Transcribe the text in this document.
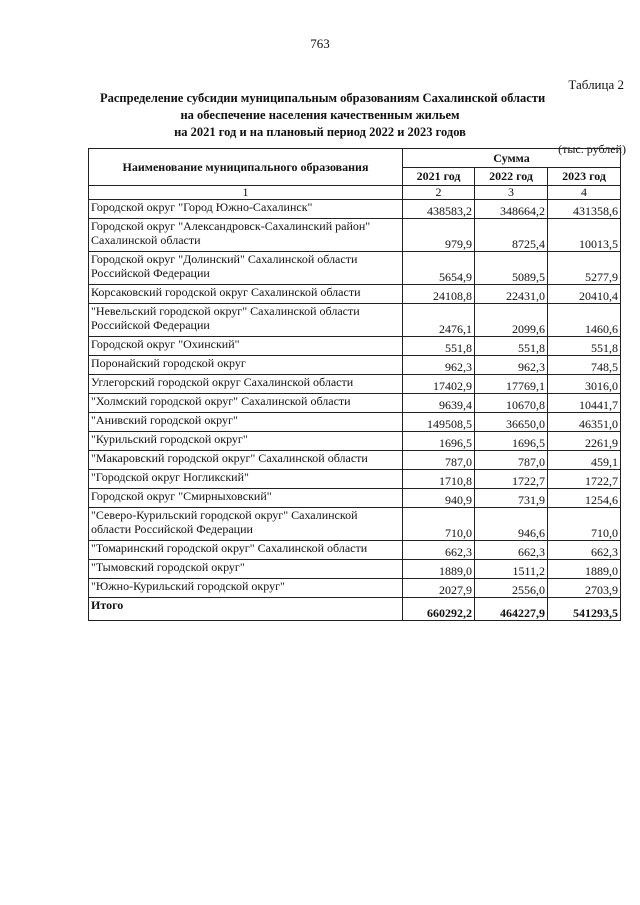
763
Таблица 2
Распределение субсидии муниципальным образованиям Сахалинской области
на обеспечение населения качественным жильем
на 2021 год и на плановый период 2022 и 2023 годов
(тыс. рублей)
Наименование муниципального образования	Сумма		
	2021 год	2022 год	2023 год
1	2	3	4
Городской округ "Город Южно-Сахалинск"	438583,2	348664,2	431358,6
Городской округ "Александровск-Сахалинский район" Сахалинской области	979,9	8725,4	10013,5
Городской округ "Долинский" Сахалинской области Российской Федерации	5654,9	5089,5	5277,9
Корсаковский городской округ Сахалинской области	24108,8	22431,0	20410,4
"Невельский городской округ" Сахалинской области Российской Федерации	2476,1	2099,6	1460,6
Городской округ "Охинский"	551,8	551,8	551,8
Поронайский городской округ	962,3	962,3	748,5
Углегорский городской округ Сахалинской области	17402,9	17769,1	3016,0
"Холмский городской округ" Сахалинской области	9639,4	10670,8	10441,7
"Анивский городской округ"	149508,5	36650,0	46351,0
"Курильский городской округ"	1696,5	1696,5	2261,9
"Макаровский городской округ" Сахалинской области	787,0	787,0	459,1
"Городской округ Ногликский"	1710,8	1722,7	1722,7
Городской округ "Смирныховский"	940,9	731,9	1254,6
"Северо-Курильский городской округ" Сахалинской области Российской Федерации	710,0	946,6	710,0
"Томаринский городской округ" Сахалинской области	662,3	662,3	662,3
"Тымовский городской округ"	1889,0	1511,2	1889,0
"Южно-Курильский городской округ"	2027,9	2556,0	2703,9
Итого	660292,2	464227,9	541293,5
